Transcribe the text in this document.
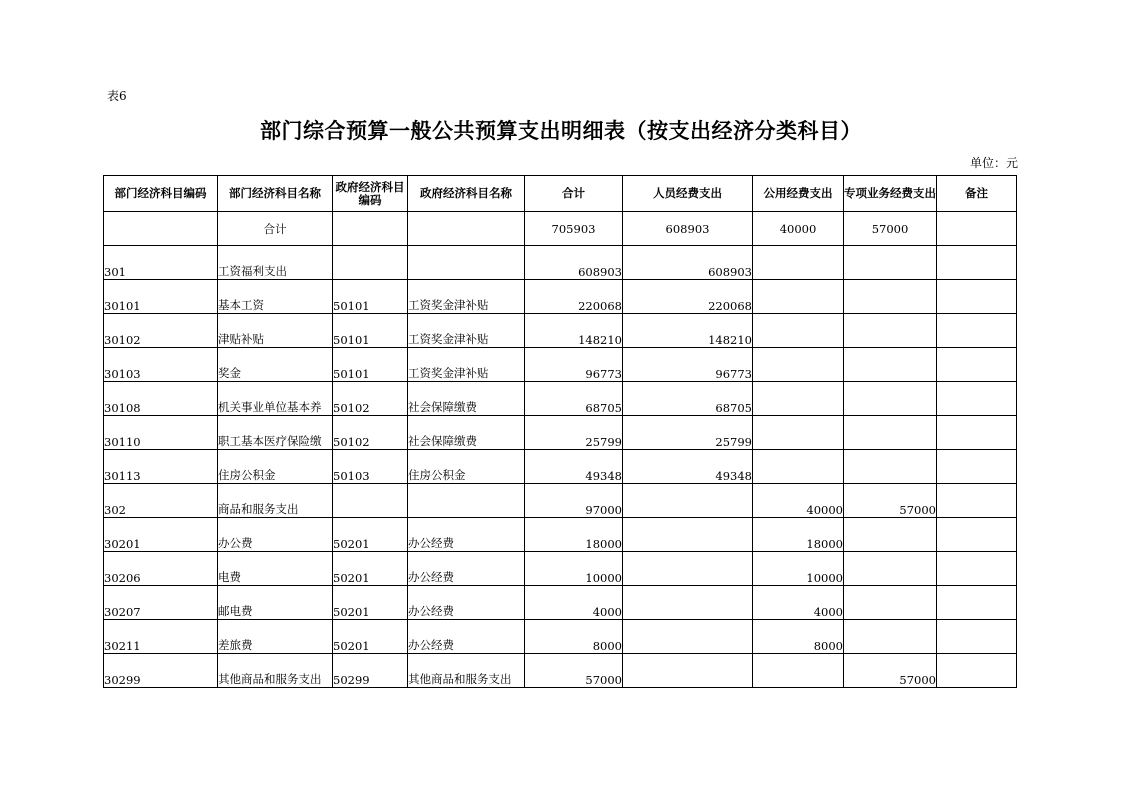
表6
部门综合预算一般公共预算支出明细表（按支出经济分类科目）
单位：元
部门经济科目编码	部门经济科目名称	政府经济科目编码	政府经济科目名称	合计	人员经费支出	公用经费支出	专项业务经费支出	备注
	合计			705903	608903	40000	57000	
301	工资福利支出			608903	608903			
30101	基本工资	50101	工资奖金津补贴	220068	220068			
30102	津贴补贴	50101	工资奖金津补贴	148210	148210			
30103	奖金	50101	工资奖金津补贴	96773	96773			
30108	机关事业单位基本养	50102	社会保障缴费	68705	68705			
30110	职工基本医疗保险缴	50102	社会保障缴费	25799	25799			
30113	住房公积金	50103	住房公积金	49348	49348			
302	商品和服务支出			97000		40000	57000	
30201	办公费	50201	办公经费	18000		18000		
30206	电费	50201	办公经费	10000		10000		
30207	邮电费	50201	办公经费	4000		4000		
30211	差旅费	50201	办公经费	8000		8000		
30299	其他商品和服务支出	50299	其他商品和服务支出	57000			57000	
